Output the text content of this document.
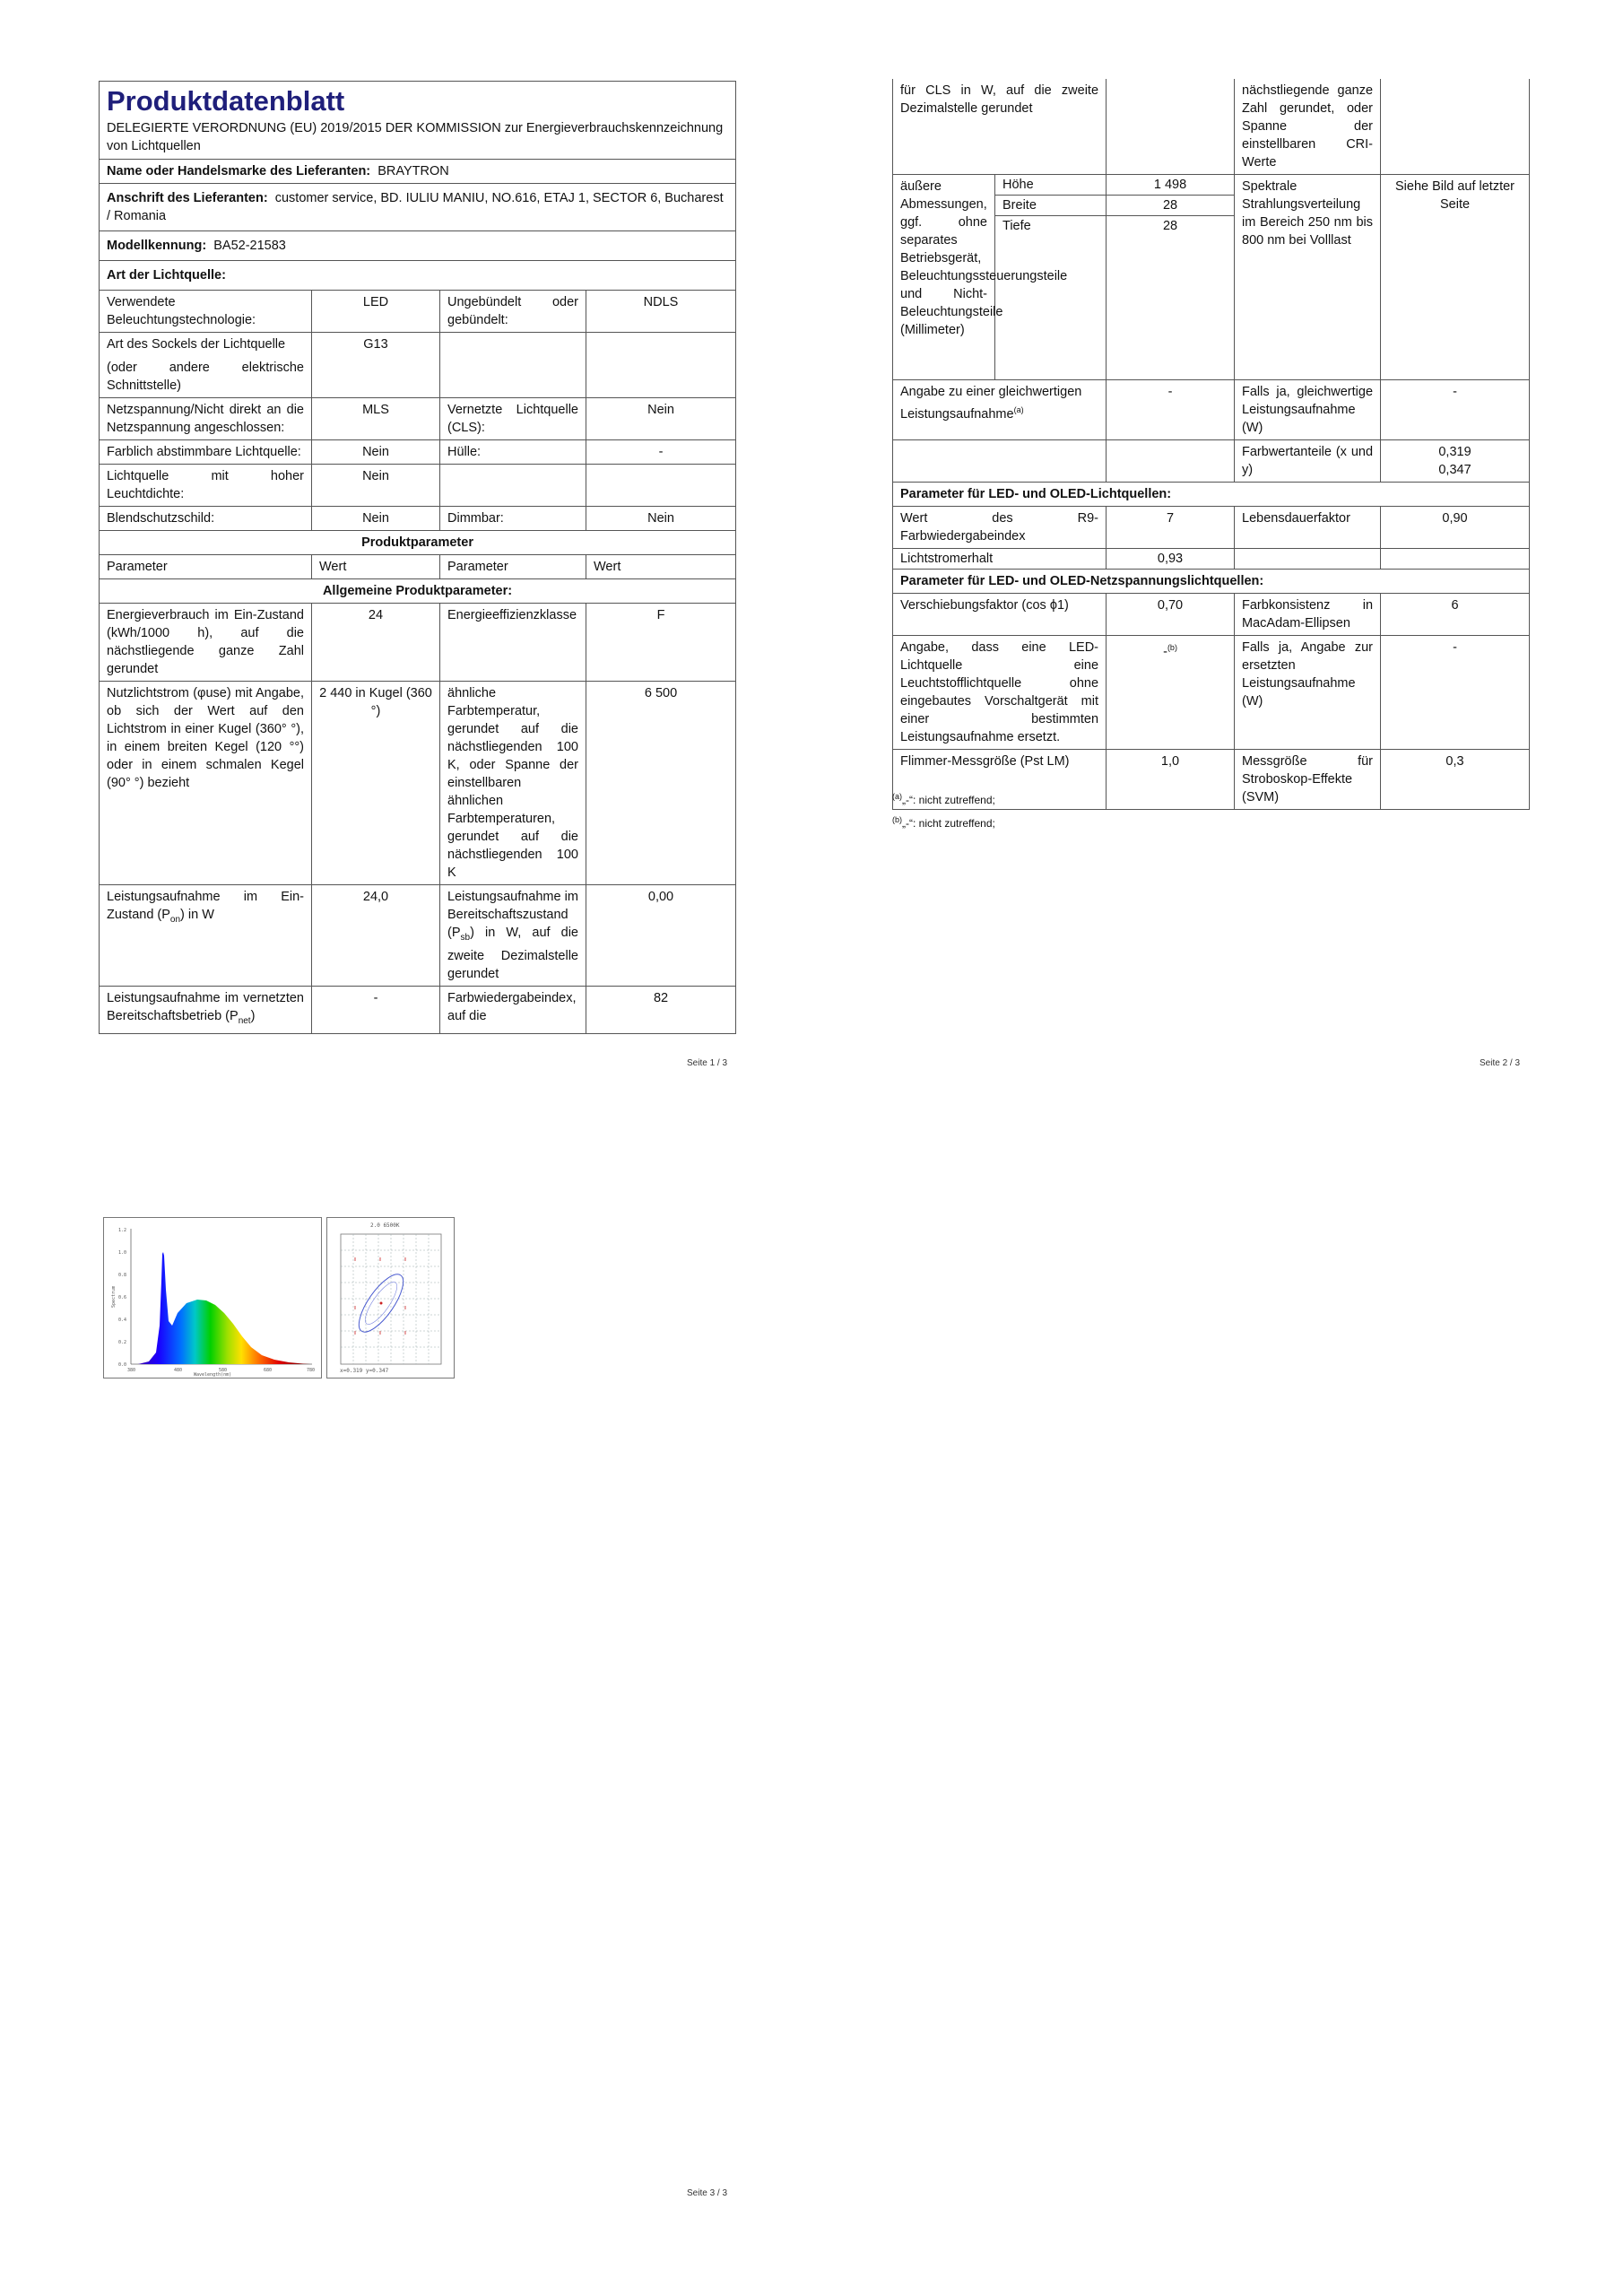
Produktdatenblatt
DELEGIERTE VERORDNUNG (EU) 2019/2015 DER KOMMISSION zur Energieverbrauchskennzeichnung von Lichtquellen			

Name oder Handelsmarke des Lieferanten: BRAYTRON			
Anschrift des Lieferanten: customer service, BD. IULIU MANIU, NO.616, ETAJ 1, SECTOR 6, Bucharest / Romania			
Modellkennung: BA52-21583			
Art der Lichtquelle:			
Verwendete Beleuchtungstechnologie:	LED	Ungebündelt oder gebündelt:	NDLS

Art des Sockels der Lichtquelle
(oder andere elektrische Schnittstelle)	G13		
Netzspannung/Nicht direkt an die Netzspannung angeschlossen:	MLS	Vernetzte Lichtquelle (CLS):	Nein
Farblich abstimmbare Lichtquelle:	Nein	Hülle:	-
Lichtquelle mit hoher Leuchtdichte:	Nein		
Blendschutzschild:	Nein	Dimmbar:	Nein
Produktparameter			
Parameter	Wert	Parameter	Wert
Allgemeine Produktparameter:			
Energieverbrauch im Ein-Zustand (kWh/1000 h), auf die nächstliegende ganze Zahl gerundet	24	Energieeffizienzklasse	F
Nutzlichtstrom (φuse) mit Angabe, ob sich der Wert auf den Lichtstrom in einer Kugel (360° °), in einem breiten Kegel (120 °°) oder in einem schmalen Kegel (90° °) bezieht	2 440 in Kugel (360 °)	ähnliche Farbtemperatur, gerundet auf die nächstliegenden 100 K, oder Spanne der einstellbaren ähnlichen Farbtemperaturen, gerundet auf die nächstliegenden 100 K	6 500
Leistungsaufnahme im Ein-Zustand $(P_{on})$ in W	24,0	Leistungsaufnahme im Bereitschaftszustand $(P_{sb})$ in W, auf die zweite Dezimalstelle gerundet	0,00
Leistungsaufnahme im vernetzten Bereitschaftsbetrieb $(P_{net})$	-	Farbwiedergabeindex, auf die	82
Seite 1 / 3
für CLS in W, auf die zweite Dezimalstelle gerundet			nächstliegende ganze Zahl gerundet, oder Spanne der einstellbaren CRI-Werte	
äußere Abmessungen, ggf. ohne separates Betriebsgerät, Beleuchtungssteuerungsteile und Nicht-Beleuchtungsteile (Millimeter)	Höhe	1 498	Spektrale Strahlungsverteilung im Bereich 250 nm bis 800 nm bei Volllast	Siehe Bild auf letzter Seite
	Breite	28		
	Tiefe	28		
Angabe zu einer gleichwertigen Leistungsaufnahme$^{(a)}$		-	Falls ja, gleichwertige Leistungsaufnahme (W)	-
			Farbwertanteile (x und y)	0,319
0,347

Parameter für LED- und OLED-Lichtquellen:				
Wert des R9-Farbwiedergabeindex		7	Lebensdauerfaktor	0,90
Lichtstromerhalt		0,93		
Parameter für LED- und OLED-Netzspannungslichtquellen:				
Verschiebungsfaktor (cos ϕ1)		0,70	Farbkonsistenz in MacAdam-Ellipsen	6
Angabe, dass eine LED-Lichtquelle eine Leuchtstofflichtquelle ohne eingebautes Vorschaltgerät mit einer bestimmten Leistungsaufnahme ersetzt.		-$^{(b)}$	Falls ja, Angabe zur ersetzten Leistungsaufnahme (W)	-
Flimmer-Messgröße (Pst LM)		1,0	Messgröße für Stroboskop-Effekte (SVM)	0,3
$^{(a)}$„-“: nicht zutreffend;
$^{(b)}$„-“: nicht zutreffend;
Seite 2 / 3
1.2
1.0
0.8
0.6
0.4
0.2
0.0
380	480	580	680	780
Wavelength(nm)
Spectrum
2.0 6500K
x=0.319 y=0.347
Seite 3 / 3
